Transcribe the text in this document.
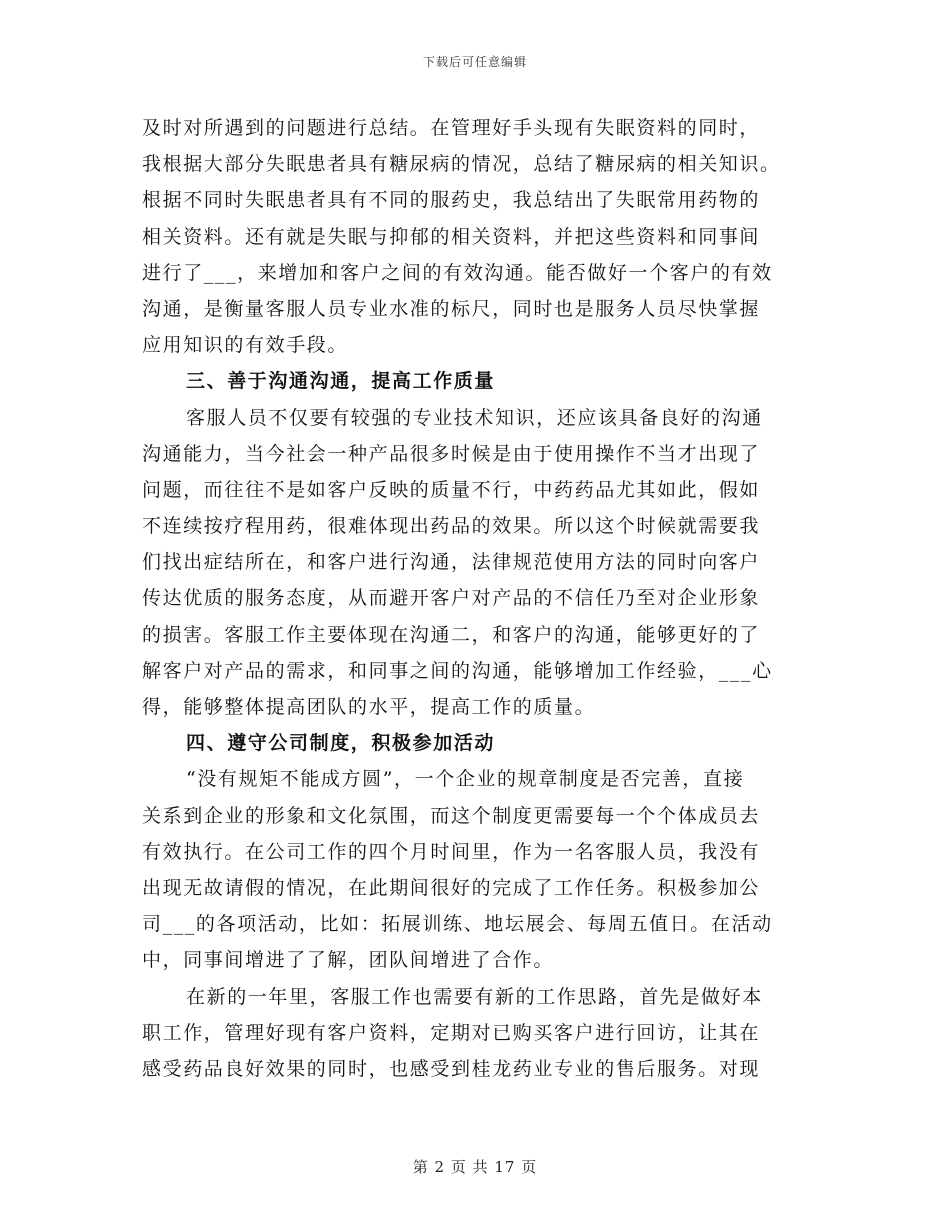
下载后可任意编辑
及时对所遇到的问题进行总结。在管理好手头现有失眠资料的同时，
我根据大部分失眠患者具有糖尿病的情况，总结了糖尿病的相关知识。
根据不同时失眠患者具有不同的服药史，我总结出了失眠常用药物的
相关资料。还有就是失眠与抑郁的相关资料，并把这些资料和同事间
进行了___，来增加和客户之间的有效沟通。能否做好一个客户的有效
沟通，是衡量客服人员专业水准的标尺，同时也是服务人员尽快掌握
应用知识的有效手段。
三、善于沟通沟通，提高工作质量
客服人员不仅要有较强的专业技术知识，还应该具备良好的沟通
沟通能力，当今社会一种产品很多时候是由于使用操作不当才出现了
问题，而往往不是如客户反映的质量不行，中药药品尤其如此，假如
不连续按疗程用药，很难体现出药品的效果。所以这个时候就需要我
们找出症结所在，和客户进行沟通，法律规范使用方法的同时向客户
传达优质的服务态度，从而避开客户对产品的不信任乃至对企业形象
的损害。客服工作主要体现在沟通二，和客户的沟通，能够更好的了
解客户对产品的需求，和同事之间的沟通，能够增加工作经验，___心
得，能够整体提高团队的水平，提高工作的质量。
四、遵守公司制度，积极参加活动
“没有规矩不能成方圆”，一个企业的规章制度是否完善，直接
关系到企业的形象和文化氛围，而这个制度更需要每一个个体成员去
有效执行。在公司工作的四个月时间里，作为一名客服人员，我没有
出现无故请假的情况，在此期间很好的完成了工作任务。积极参加公
司___的各项活动，比如：拓展训练、地坛展会、每周五值日。在活动
中，同事间增进了了解，团队间增进了合作。
在新的一年里，客服工作也需要有新的工作思路，首先是做好本
职工作，管理好现有客户资料，定期对已购买客户进行回访，让其在
感受药品良好效果的同时，也感受到桂龙药业专业的售后服务。对现
第 2 页 共 17 页
